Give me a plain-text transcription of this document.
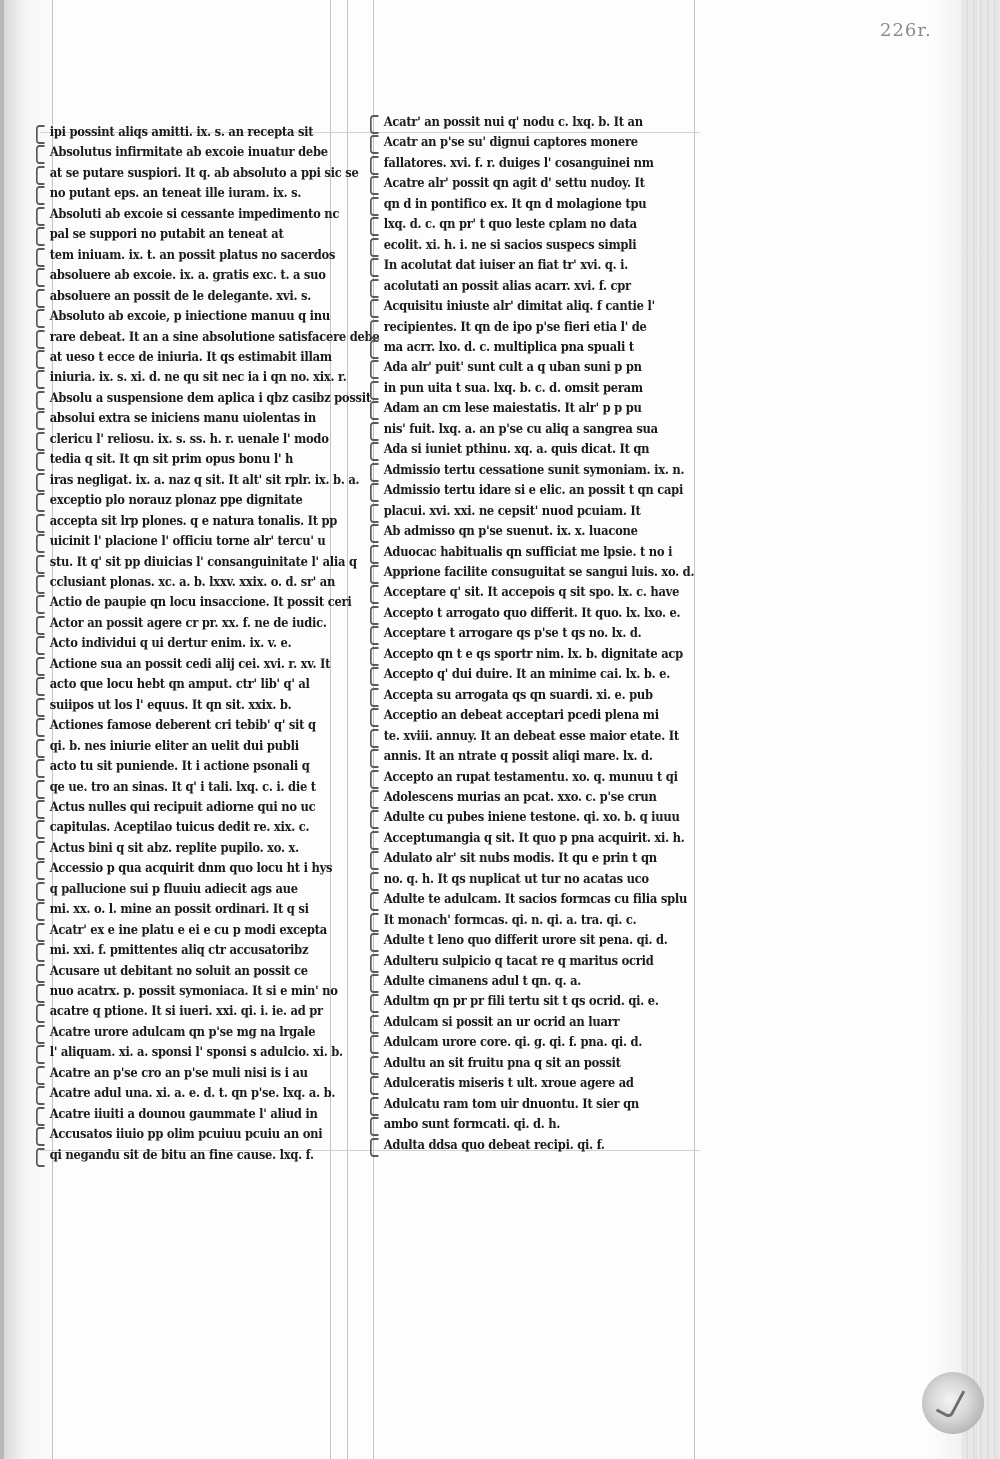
226r.
ipi possint aliqs amitti. ix. s. an recepta sit
Absolutus infirmitate ab excoie inuatur debe
at se putare suspiori. It q. ab absoluto a ppi sic se
no putant eps. an teneat ille iuram. ix. s.
Absoluti ab excoie si cessante impedimento nc
pal se suppori no putabit an teneat at
tem iniuam. ix. t. an possit platus no sacerdos
absoluere ab excoie. ix. a. gratis exc. t. a suo
absoluere an possit de le delegante. xvi. s.
Absoluto ab excoie, p iniectione manuu q inu
rare debeat. It an a sine absolutione satisfacere debe
at ueso t ecce de iniuria. It qs estimabit illam
iniuria. ix. s. xi. d. ne qu sit nec ia i qn no. xix. r.
Absolu a suspensione dem aplica i qbz casibz possit
absolui extra se iniciens manu uiolentas in
clericu l' reliosu. ix. s. ss. h. r. uenale l' modo
tedia q sit. It qn sit prim opus bonu l' h
iras negligat. ix. a. naz q sit. It alt' sit rplr. ix. b. a.
exceptio plo norauz plonaz ppe dignitate
accepta sit lrp plones. q e natura tonalis. It pp
uicinit l' placione l' officiu torne alr' tercu' u
stu. It q' sit pp diuicias l' consanguinitate l' alia q
cclusiant plonas. xc. a. b. lxxv. xxix. o. d. sr' an
Actio de paupie qn locu insaccione. It possit ceri
Actor an possit agere cr pr. xx. f. ne de iudic.
Acto individui q ui dertur enim. ix. v. e.
Actione sua an possit cedi alij cei. xvi. r. xv. It
acto que locu hebt qn amput. ctr' lib' q' al
suiipos ut los l' equus. It qn sit. xxix. b.
Actiones famose deberent cri tebib' q' sit q
qi. b. nes iniurie eliter an uelit dui publi
acto tu sit puniende. It i actione psonali q
qe ue. tro an sinas. It q' i tali. lxq. c. i. die t
Actus nulles qui recipuit adiorne qui no uc
capitulas. Aceptilao tuicus dedit re. xix. c.
Actus bini q sit abz. replite pupilo. xo. x.
Accessio p qua acquirit dnm quo locu ht i hys
q pallucione sui p fluuiu adiecit ags aue
mi. xx. o. l. mine an possit ordinari. It q si
Acatr' ex e ine platu e ei e cu p modi excepta
mi. xxi. f. pmittentes aliq ctr accusatoribz
Acusare ut debitant no soluit an possit ce
nuo acatrx. p. possit symoniaca. It si e min' no
acatre q ptione. It si iueri. xxi. qi. i. ie. ad pr
Acatre urore adulcam qn p'se mg na lrgale
l' aliquam. xi. a. sponsi l' sponsi s adulcio. xi. b.
Acatre an p'se cro an p'se muli nisi is i au
Acatre adul una. xi. a. e. d. t. qn p'se. lxq. a. b.
Acatre iiuiti a dounou gaummate l' aliud in
Accusatos iiuio pp olim pcuiuu pcuiu an oni
qi negandu sit de bitu an fine cause. lxq. f.
Acatr' an possit nui q' nodu c. lxq. b. It an
Acatr an p'se su' dignui captores monere
fallatores. xvi. f. r. duiges l' cosanguinei nm
Acatre alr' possit qn agit d' settu nudoy. It
qn d in pontifico ex. It qn d molagione tpu
lxq. d. c. qn pr' t quo leste cplam no data
ecolit. xi. h. i. ne si sacios suspecs simpli
In acolutat dat iuiser an fiat tr' xvi. q. i.
acolutati an possit alias acarr. xvi. f. cpr
Acquisitu iniuste alr' dimitat aliq. f cantie l'
recipientes. It qn de ipo p'se fieri etia l' de
ma acrr. lxo. d. c. multiplica pna spuali t
Ada alr' puit' sunt cult a q uban suni p pn
in pun uita t sua. lxq. b. c. d. omsit peram
Adam an cm lese maiestatis. It alr' p p pu
nis' fuit. lxq. a. an p'se cu aliq a sangrea sua
Ada si iuniet pthinu. xq. a. quis dicat. It qn
Admissio tertu cessatione sunit symoniam. ix. n.
Admissio tertu idare si e elic. an possit t qn capi
placui. xvi. xxi. ne cepsit' nuod pcuiam. It
Ab admisso qn p'se suenut. ix. x. luacone
Aduocac habitualis qn sufficiat me lpsie. t no i
Apprione facilite consuguitat se sangui luis. xo. d.
Acceptare q' sit. It accepois q sit spo. lx. c. have
Accepto t arrogato quo differit. It quo. lx. lxo. e.
Acceptare t arrogare qs p'se t qs no. lx. d.
Accepto qn t e qs sportr nim. lx. b. dignitate acp
Accepto q' dui duire. It an minime cai. lx. b. e.
Accepta su arrogata qs qn suardi. xi. e. pub
Acceptio an debeat acceptari pcedi plena mi
te. xviii. annuy. It an debeat esse maior etate. It
annis. It an ntrate q possit aliqi mare. lx. d.
Accepto an rupat testamentu. xo. q. munuu t qi
Adolescens murias an pcat. xxo. c. p'se crun
Adulte cu pubes iniene testone. qi. xo. b. q iuuu
Acceptumangia q sit. It quo p pna acquirit. xi. h.
Adulato alr' sit nubs modis. It qu e prin t qn
no. q. h. It qs nuplicat ut tur no acatas uco
Adulte te adulcam. It sacios formcas cu filia splu
It monach' formcas. qi. n. qi. a. tra. qi. c.
Adulte t leno quo differit urore sit pena. qi. d.
Adulteru sulpicio q tacat re q maritus ocrid
Adulte cimanens adul t qn. q. a.
Adultm qn pr pr fili tertu sit t qs ocrid. qi. e.
Adulcam si possit an ur ocrid an luarr
Adulcam urore core. qi. g. qi. f. pna. qi. d.
Adultu an sit fruitu pna q sit an possit
Adulceratis miseris t ult. xroue agere ad
Adulcatu ram tom uir dnuontu. It sier qn
ambo sunt formcati. qi. d. h.
Adulta ddsa quo debeat recipi. qi. f.
